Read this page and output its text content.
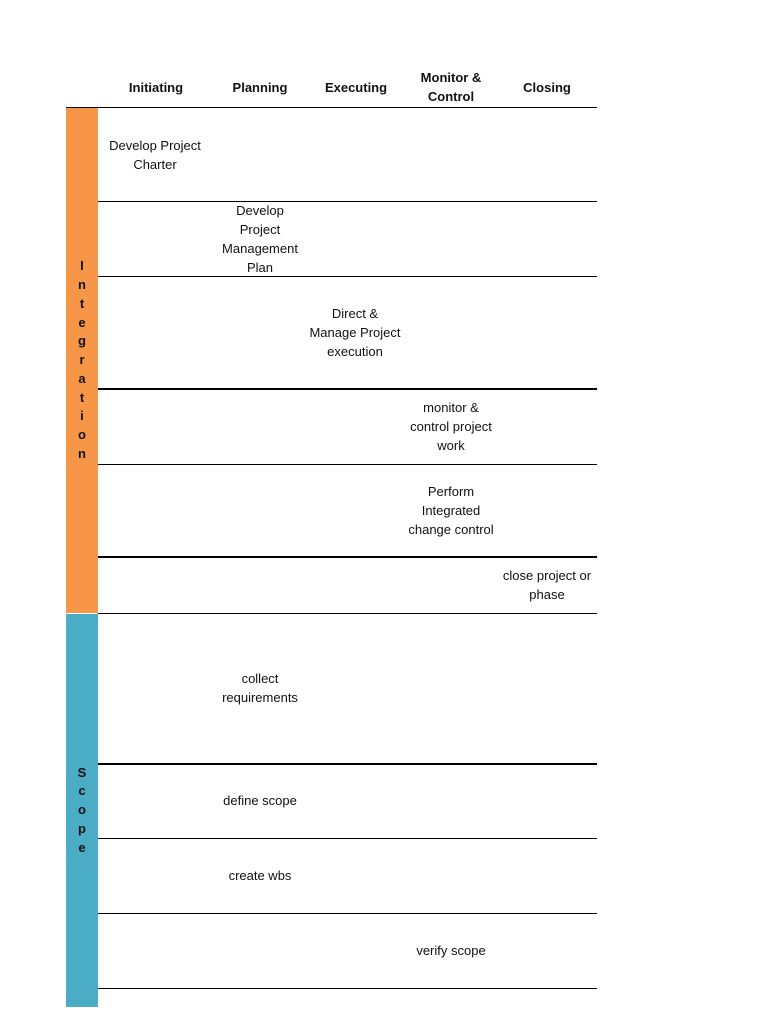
Initiating	Planning	Executing
Monitor &
Control
Closing
I
n
t
e
g
r
a
t
i
o
n
S
c
o
p
e
Develop Project
Charter
Develop
Project
Management
Plan
Direct &
Manage Project
execution
monitor &
control project
work
Perform
Integrated
change control
close project or
phase
collect
requirements
define scope
create wbs
verify scope
